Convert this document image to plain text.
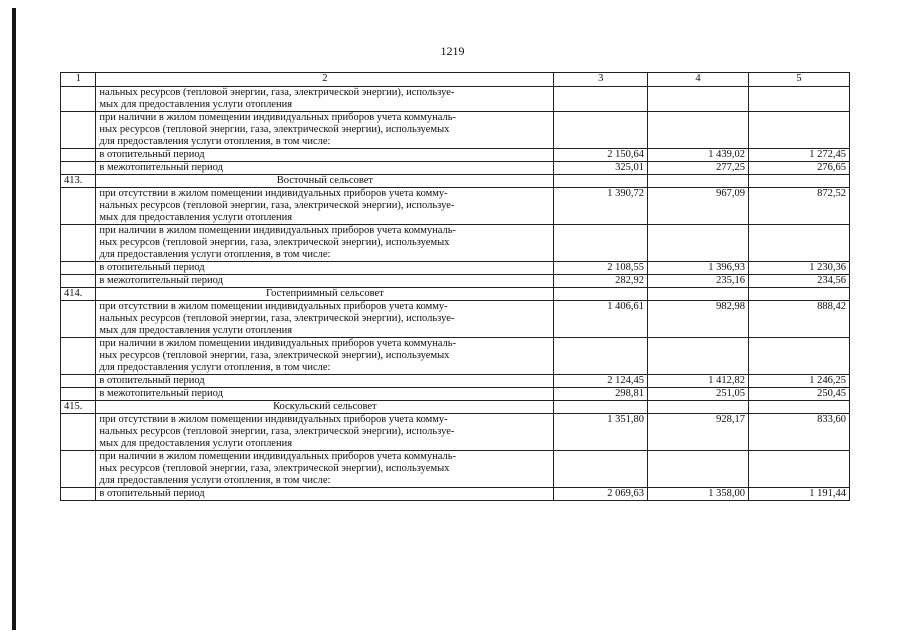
1219
1	2	3	4	5
	нальных ресурсов (тепловой энергии, газа, электрической энергии), используе-
мых для предоставления услуги отопления			
	при наличии в жилом помещении индивидуальных приборов учета коммуналь-
ных ресурсов (тепловой энергии, газа, электрической энергии), используемых
для предоставления услуги отопления, в том числе:			
	в отопительный период	2 150,64	1 439,02	1 272,45
	в межотопительный период	325,01	277,25	276,65
413.	Восточный сельсовет			
	при отсутствии в жилом помещении индивидуальных приборов учета комму-
нальных ресурсов (тепловой энергии, газа, электрической энергии), используе-
мых для предоставления услуги отопления	1 390,72	967,09	872,52
	при наличии в жилом помещении индивидуальных приборов учета коммуналь-
ных ресурсов (тепловой энергии, газа, электрической энергии), используемых
для предоставления услуги отопления, в том числе:			
	в отопительный период	2 108,55	1 396,93	1 230,36
	в межотопительный период	282,92	235,16	234,56
414.	Гостеприимный сельсовет			
	при отсутствии в жилом помещении индивидуальных приборов учета комму-
нальных ресурсов (тепловой энергии, газа, электрической энергии), используе-
мых для предоставления услуги отопления	1 406,61	982,98	888,42
	при наличии в жилом помещении индивидуальных приборов учета коммуналь-
ных ресурсов (тепловой энергии, газа, электрической энергии), используемых
для предоставления услуги отопления, в том числе:			
	в отопительный период	2 124,45	1 412,82	1 246,25
	в межотопительный период	298,81	251,05	250,45
415.	Коскульский сельсовет			
	при отсутствии в жилом помещении индивидуальных приборов учета комму-
нальных ресурсов (тепловой энергии, газа, электрической энергии), используе-
мых для предоставления услуги отопления	1 351,80	928,17	833,60
	при наличии в жилом помещении индивидуальных приборов учета коммуналь-
ных ресурсов (тепловой энергии, газа, электрической энергии), используемых
для предоставления услуги отопления, в том числе:			
	в отопительный период	2 069,63	1 358,00	1 191,44
